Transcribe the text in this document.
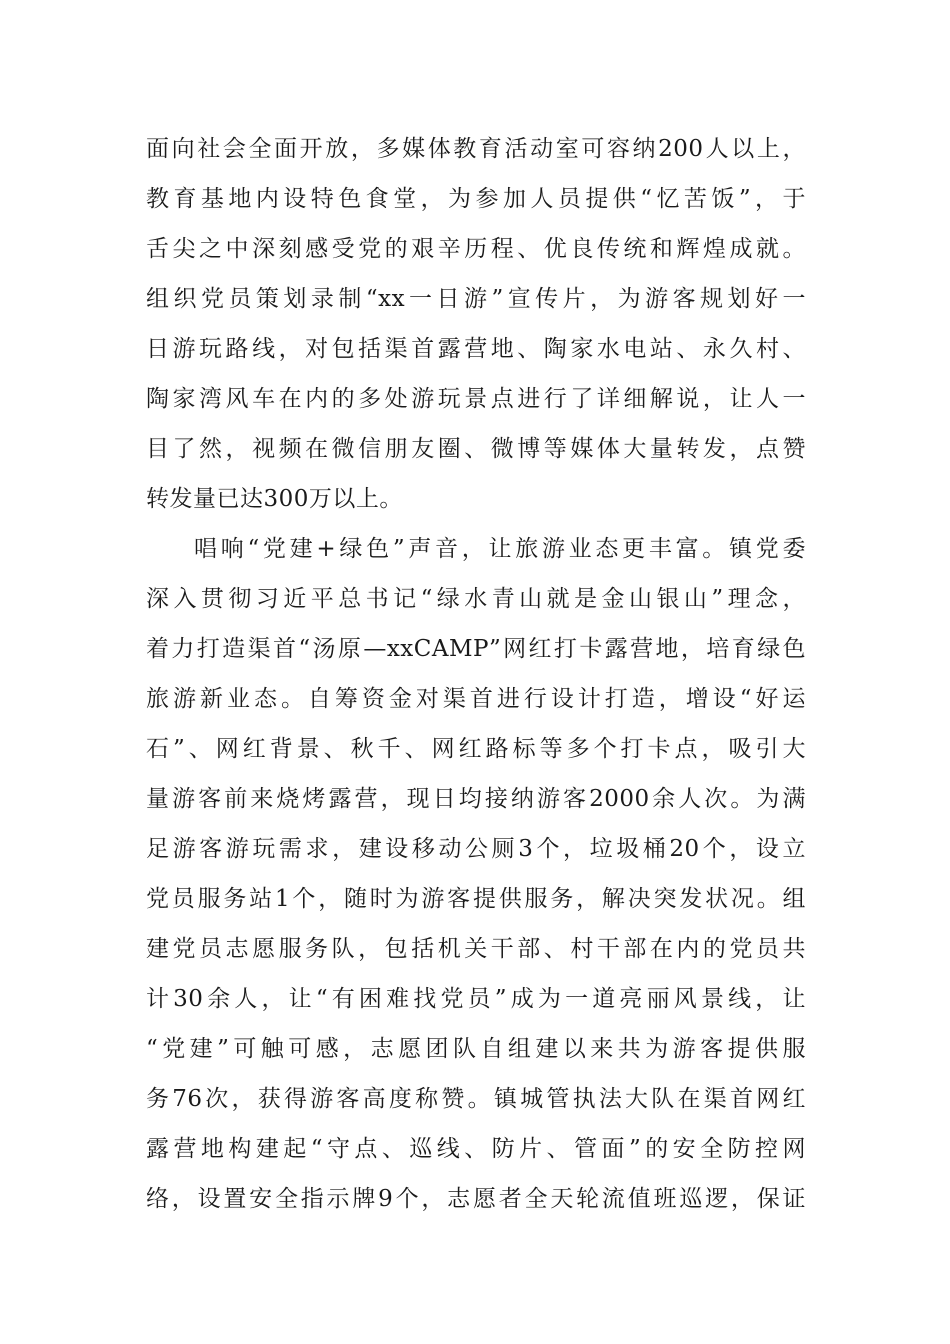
面向社会全面开放，多媒体教育活动室可容纳200人以上，
教育基地内设特色食堂，为参加人员提供“忆苦饭”，于
舌尖之中深刻感受党的艰辛历程、优良传统和辉煌成就。
组织党员策划录制“xx一日游”宣传片，为游客规划好一
日游玩路线，对包括渠首露营地、陶家水电站、永久村、
陶家湾风车在内的多处游玩景点进行了详细解说，让人一
目了然，视频在微信朋友圈、微博等媒体大量转发，点赞
转发量已达300万以上。
唱响“党建+绿色”声音，让旅游业态更丰富。镇党委
深入贯彻习近平总书记“绿水青山就是金山银山”理念，
着力打造渠首“汤原—xxCAMP”网红打卡露营地，培育绿色
旅游新业态。自筹资金对渠首进行设计打造，增设“好运
石”、网红背景、秋千、网红路标等多个打卡点，吸引大
量游客前来烧烤露营，现日均接纳游客2000余人次。为满
足游客游玩需求，建设移动公厕3个，垃圾桶20个，设立
党员服务站1个，随时为游客提供服务，解决突发状况。组
建党员志愿服务队，包括机关干部、村干部在内的党员共
计30余人，让“有困难找党员”成为一道亮丽风景线，让
“党建”可触可感，志愿团队自组建以来共为游客提供服
务76次，获得游客高度称赞。镇城管执法大队在渠首网红
露营地构建起“守点、巡线、防片、管面”的安全防控网
络，设置安全指示牌9个，志愿者全天轮流值班巡逻，保证
